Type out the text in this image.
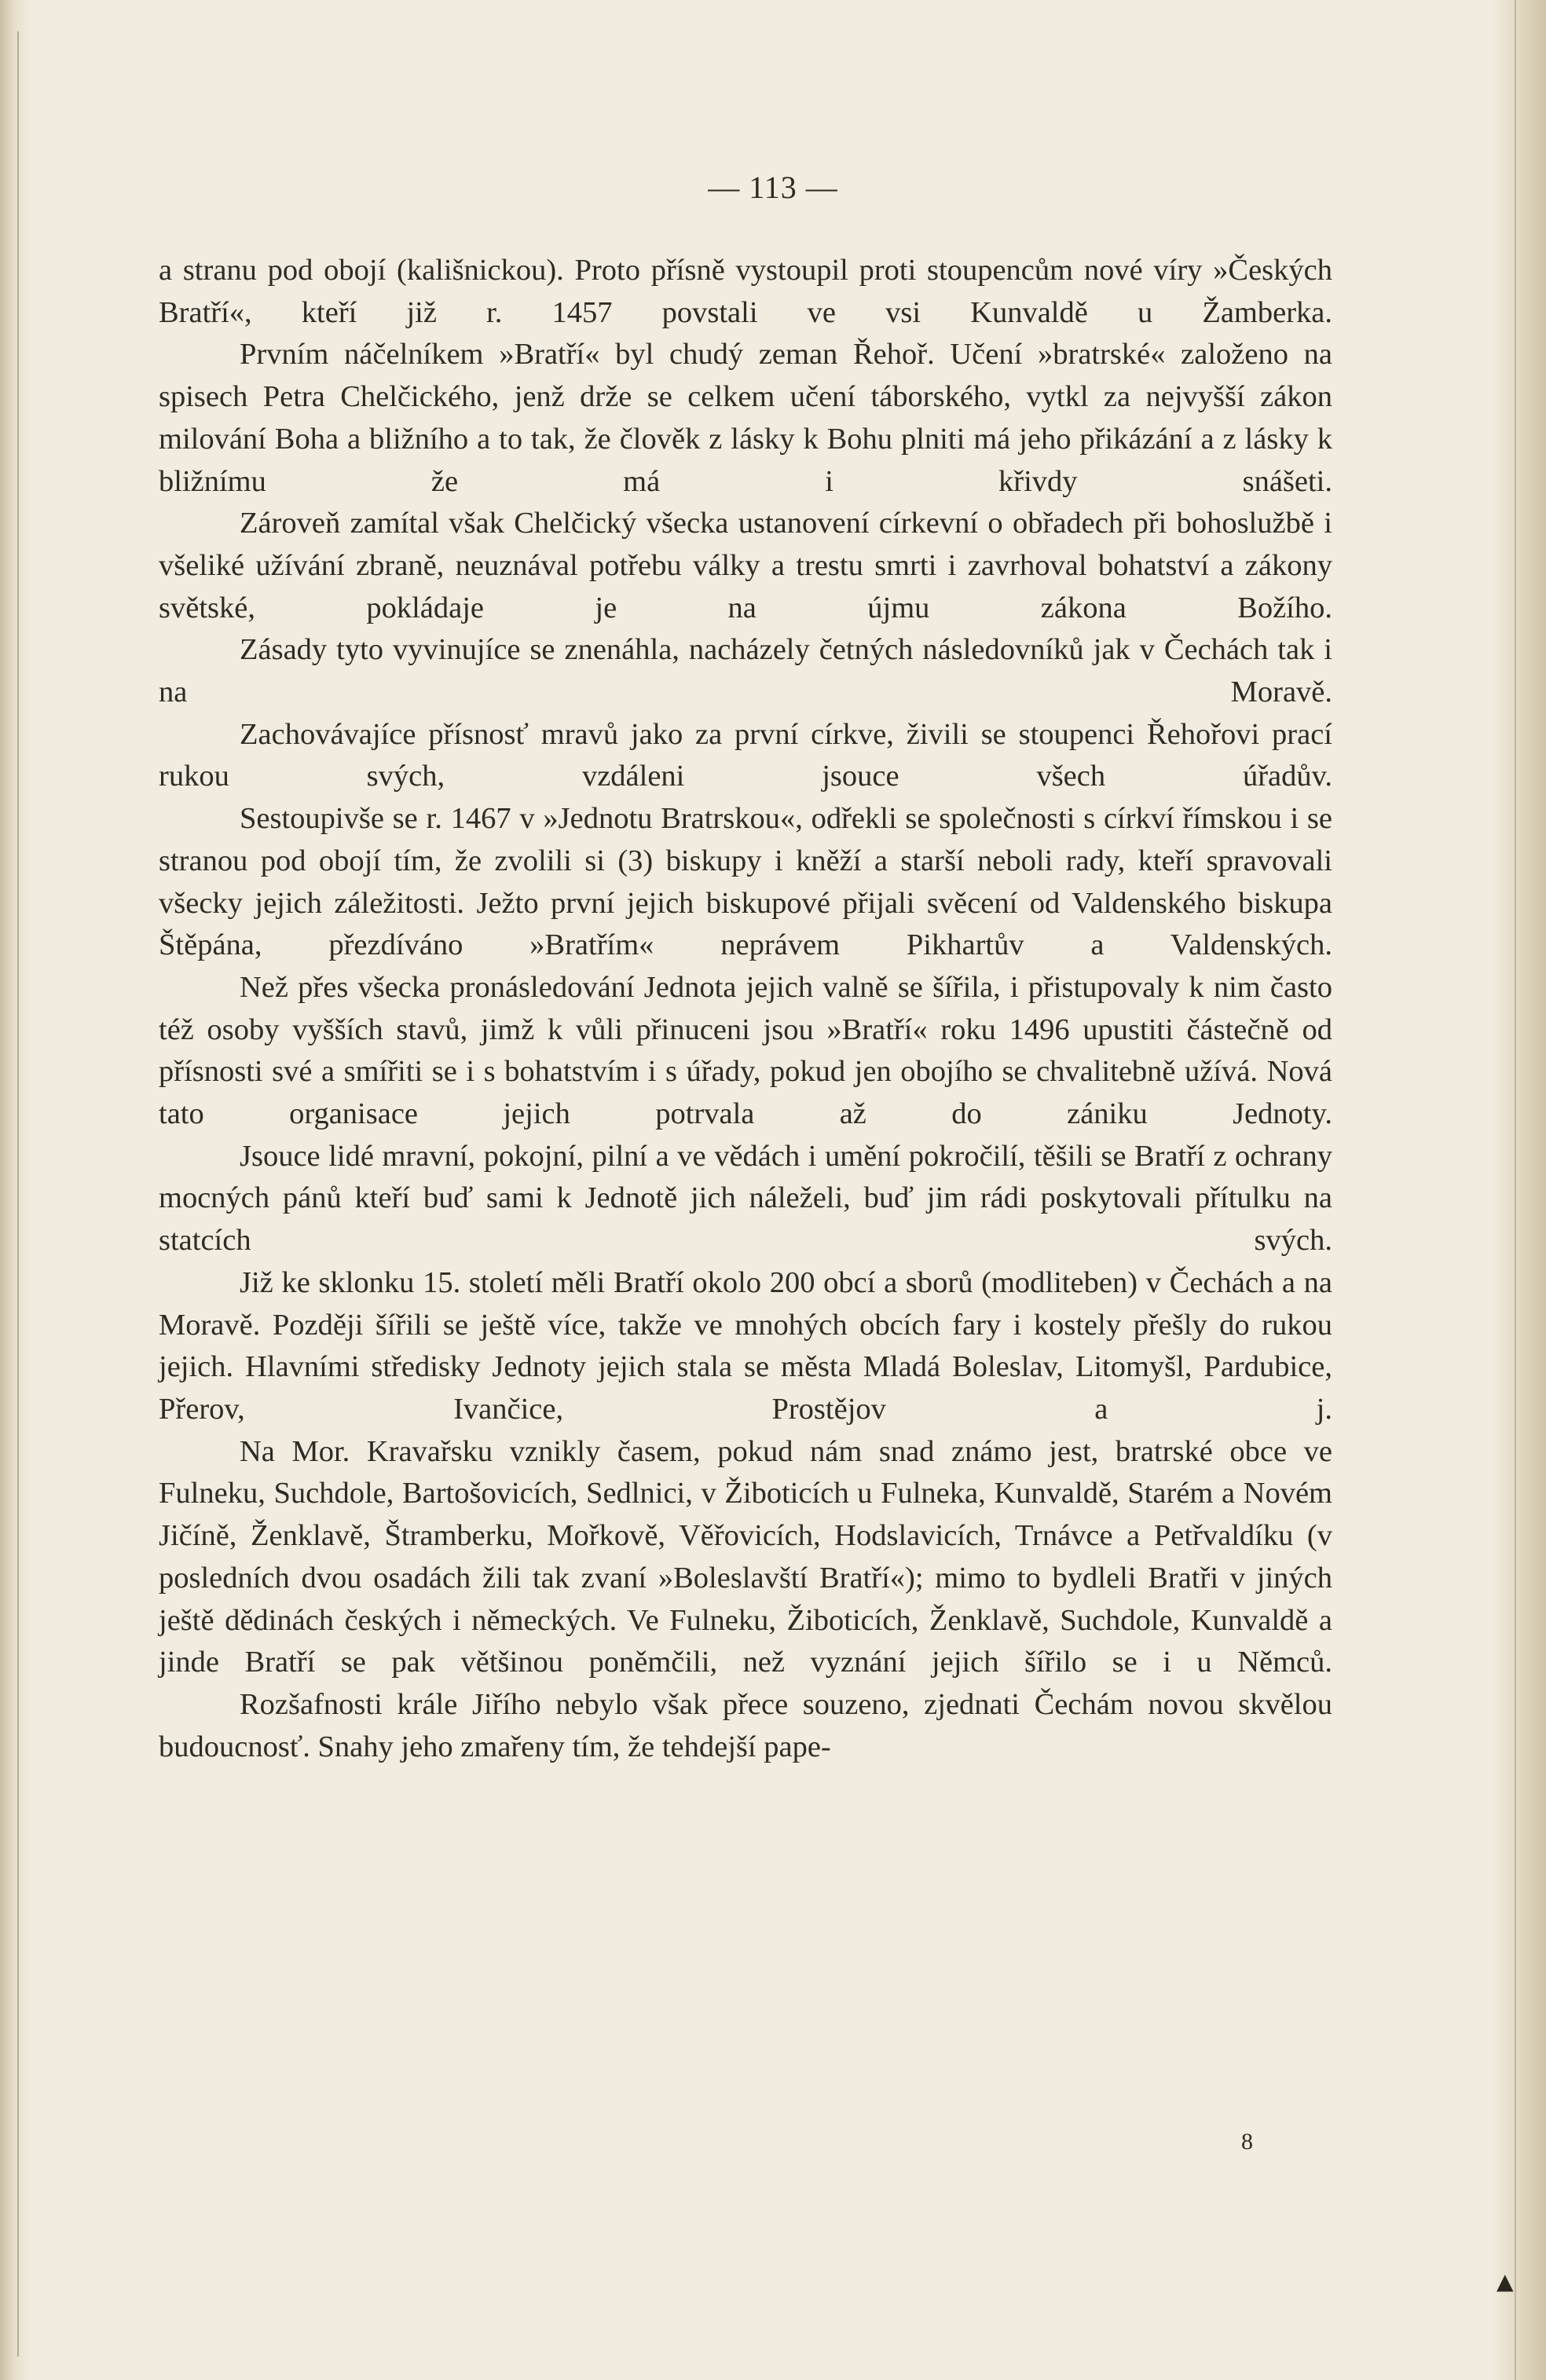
— 113 —

a stranu pod obojí (kališnickou). Proto přísně vystoupil proti stoupencům nové víry »Českých Bratří«, kteří již r. 1457 povstali ve vsi Kunvaldě u Žamberka.

Prvním náčelníkem »Bratří« byl chudý zeman Řehoř. Učení »bratrské« založeno na spisech Petra Chelčického, jenž drže se celkem učení táborského, vytkl za nejvyšší zákon milování Boha a bližního a to tak, že člověk z lásky k Bohu plniti má jeho přikázání a z lásky k bližnímu že má i křivdy snášeti.

Zároveň zamítal však Chelčický všecka ustanovení církevní o obřadech při bohoslužbě i všeliké užívání zbraně, neuznával potřebu války a trestu smrti i zavrhoval bohatství a zákony světské, pokládaje je na újmu zákona Božího.

Zásady tyto vyvinujíce se znenáhla, nacházely četných následovníků jak v Čechách tak i na Moravě.

Zachovávajíce přísnosť mravů jako za první církve, živili se stoupenci Řehořovi prací rukou svých, vzdáleni jsouce všech úřadův.

Sestoupivše se r. 1467 v »Jednotu Bratrskou«, odřekli se společnosti s církví římskou i se stranou pod obojí tím, že zvolili si (3) biskupy i kněží a starší neboli rady, kteří spravovali všecky jejich záležitosti. Ježto první jejich biskupové přijali svěcení od Valdenského biskupa Štěpána, přezdíváno »Bratřím« neprávem Pikhartův a Valdenských.

Než přes všecka pronásledování Jednota jejich valně se šířila, i přistupovaly k nim často též osoby vyšších stavů, jimž k vůli přinuceni jsou »Bratří« roku 1496 upustiti částečně od přísnosti své a smířiti se i s bohatstvím i s úřady, pokud jen obojího se chvalitebně užívá. Nová tato organisace jejich potrvala až do zániku Jednoty.

Jsouce lidé mravní, pokojní, pilní a ve vědách i umění pokročilí, těšili se Bratří z ochrany mocných pánů kteří buď sami k Jednotě jich náleželi, buď jim rádi poskytovali přítulku na statcích svých.

Již ke sklonku 15. století měli Bratří okolo 200 obcí a sborů (modliteben) v Čechách a na Moravě. Později šířili se ještě více, takže ve mnohých obcích fary i kostely přešly do rukou jejich. Hlavními středisky Jednoty jejich stala se města Mladá Boleslav, Litomyšl, Pardubice, Přerov, Ivančice, Prostějov a j.

Na Mor. Kravařsku vznikly časem, pokud nám snad známo jest, bratrské obce ve Fulneku, Suchdole, Bartošovicích, Sedlnici, v Žiboticích u Fulneka, Kunvaldě, Starém a Novém Jičíně, Ženklavě, Štramberku, Mořkově, Věřovicích, Hodslavicích, Trnávce a Petřvaldíku (v posledních dvou osadách žili tak zvaní »Boleslavští Bratří«); mimo to bydleli Bratři v jiných ještě dědinách českých i německých. Ve Fulneku, Žiboticích, Ženklavě, Suchdole, Kunvaldě a jinde Bratří se pak většinou poněmčili, než vyznání jejich šířilo se i u Němců.

Rozšafnosti krále Jiřího nebylo však přece souzeno, zjednati Čechám novou skvělou budoucnosť. Snahy jeho zmařeny tím, že tehdejší pape-

8
▲
